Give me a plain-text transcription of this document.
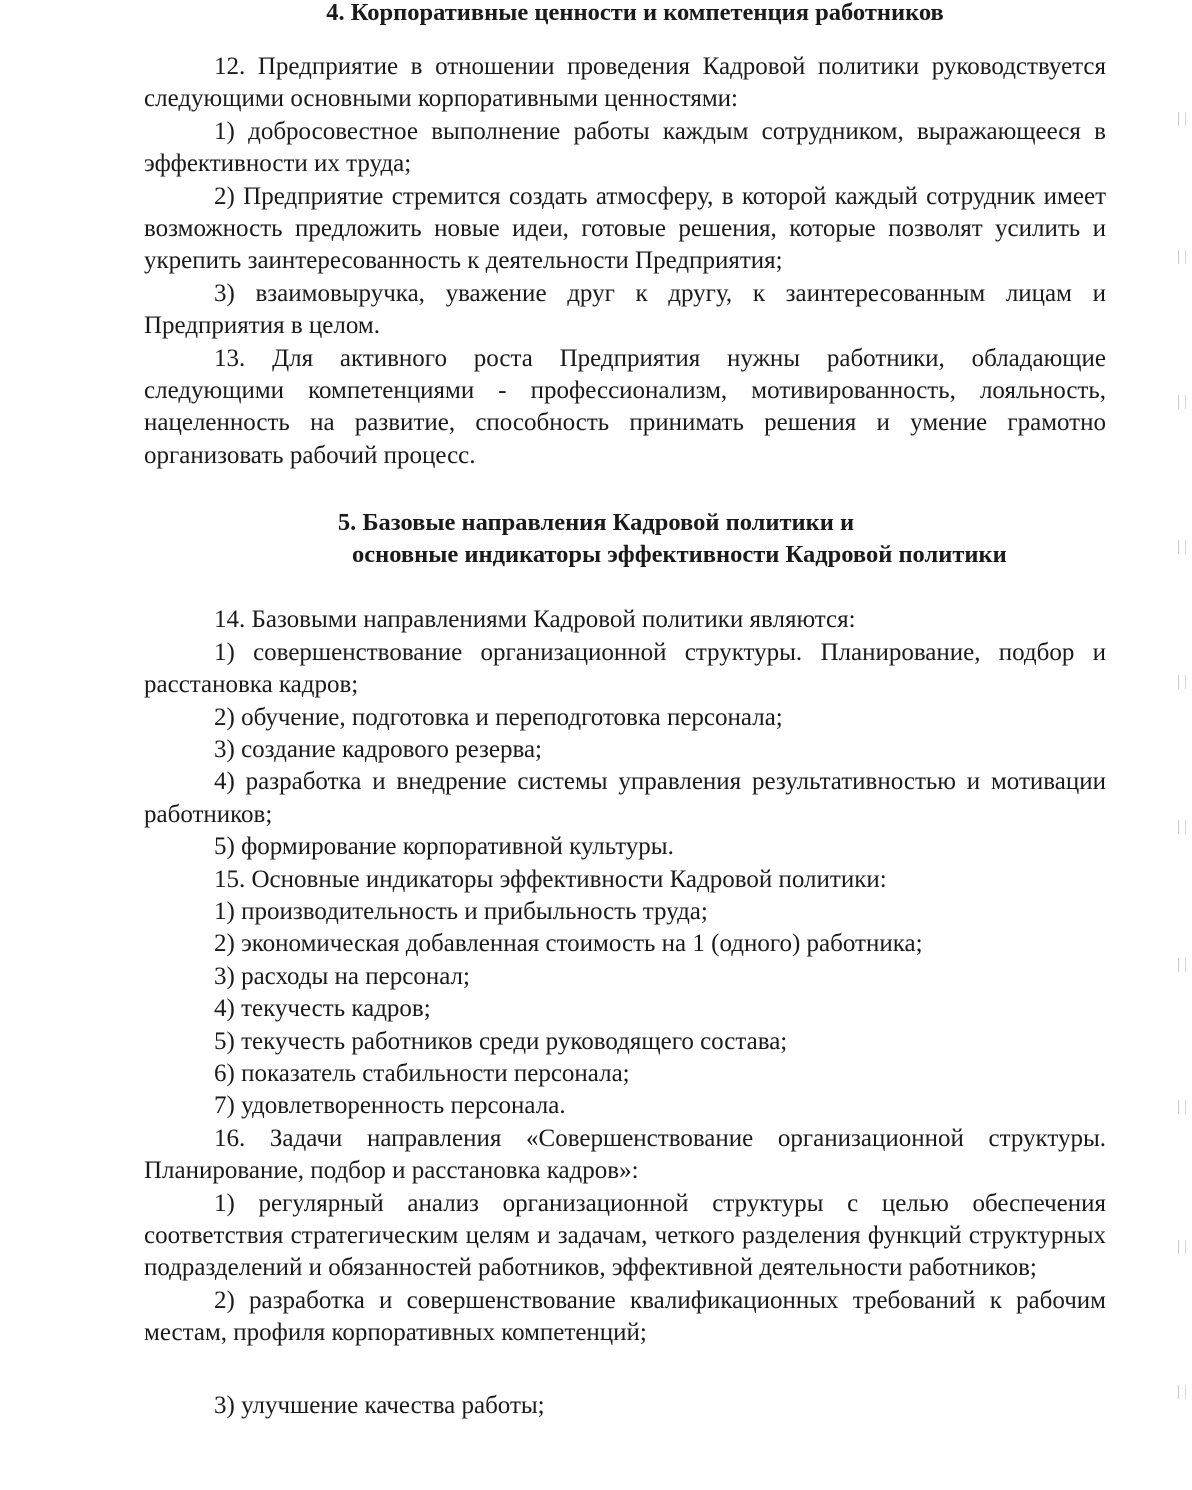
4. Корпоративные ценности и компетенция работников

12. Предприятие в отношении проведения Кадровой политики руководствуется следующими основными корпоративными ценностями:

1) добросовестное выполнение работы каждым сотрудником, выражающееся в эффективности их труда;

2) Предприятие стремится создать атмосферу, в которой каждый сотрудник имеет возможность предложить новые идеи, готовые решения, которые позволят усилить и укрепить заинтересованность к деятельности Предприятия;

3) взаимовыручка, уважение друг к другу, к заинтересованным лицам и Предприятия в целом.

13. Для активного роста Предприятия нужны работники, обладающие следующими компетенциями - профессионализм, мотивированность, лояльность, нацеленность на развитие, способность принимать решения и умение грамотно организовать рабочий процесс.

5. Базовые направления Кадровой политики и
основные индикаторы эффективности Кадровой политики

14. Базовыми направлениями Кадровой политики являются:

1) совершенствование организационной структуры. Планирование, подбор и расстановка кадров;

2) обучение, подготовка и переподготовка персонала;

3) создание кадрового резерва;

4) разработка и внедрение системы управления результативностью и мотивации работников;

5) формирование корпоративной культуры.

15. Основные индикаторы эффективности Кадровой политики:

1) производительность и прибыльность труда;

2) экономическая добавленная стоимость на 1 (одного) работника;

3) расходы на персонал;

4) текучесть кадров;

5) текучесть работников среди руководящего состава;

6) показатель стабильности персонала;

7) удовлетворенность персонала.

16. Задачи направления «Совершенствование организационной структуры. Планирование, подбор и расстановка кадров»:

1) регулярный анализ организационной структуры с целью обеспечения соответствия стратегическим целям и задачам, четкого разделения функций структурных подразделений и обязанностей работников, эффективной деятельности работников;

2) разработка и совершенствование квалификационных требований к рабочим местам, профиля корпоративных компетенций;

3) улучшение качества работы;
